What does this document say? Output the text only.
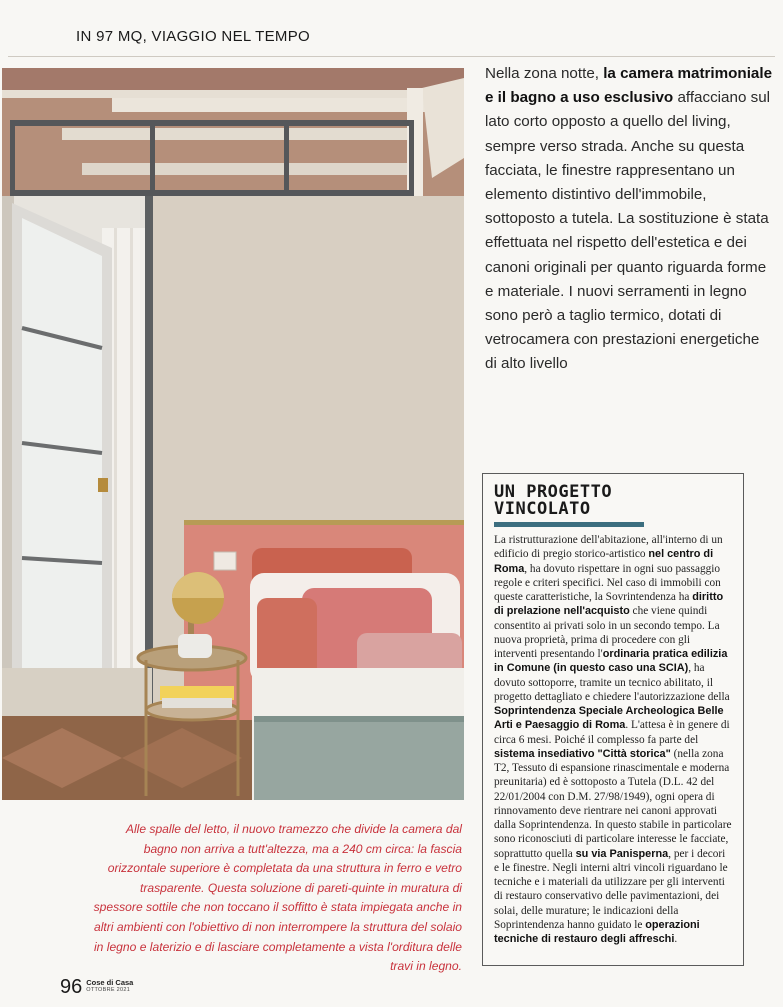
IN 97 MQ, VIAGGIO NEL TEMPO
Nella zona notte, la camera matrimoniale e il bagno a uso esclusivo affacciano sul lato corto opposto a quello del living, sempre verso strada. Anche su questa facciata, le finestre rappresentano un elemento distintivo dell'immobile, sottoposto a tutela. La sostituzione è stata effettuata nel rispetto dell'estetica e dei canoni originali per quanto riguarda forme e materiale. I nuovi serramenti in legno sono però a taglio termico, dotati di vetrocamera con prestazioni energetiche di alto livello
UN PROGETTO
VINCOLATO
La ristrutturazione dell'abitazione, all'interno di un edificio di pregio storico-artistico nel centro di Roma, ha dovuto rispettare in ogni suo passaggio regole e criteri specifici. Nel caso di immobili con queste caratteristiche, la Sovrintendenza ha diritto di prelazione nell'acquisto che viene quindi consentito ai privati solo in un secondo tempo. La nuova proprietà, prima di procedere con gli interventi presentando l'ordinaria pratica edilizia in Comune (in questo caso una SCIA), ha dovuto sottoporre, tramite un tecnico abilitato, il progetto dettagliato e chiedere l'autorizzazione della Soprintendenza Speciale Archeologica Belle Arti e Paesaggio di Roma. L'attesa è in genere di circa 6 mesi. Poiché il complesso fa parte del sistema insediativo "Città storica" (nella zona T2, Tessuto di espansione rinascimentale e moderna preunitaria) ed è sottoposto a Tutela (D.L. 42 del 22/01/2004 con D.M. 27/98/1949), ogni opera di rinnovamento deve rientrare nei canoni approvati dalla Soprintendenza. In questo stabile in particolare sono riconosciuti di particolare interesse le facciate, soprattutto quella su via Panisperna, per i decori e le finestre. Negli interni altri vincoli riguardano le tecniche e i materiali da utilizzare per gli interventi di restauro conservativo delle pavimentazioni, dei solai, delle murature; le indicazioni della Soprintendenza hanno guidato le operazioni tecniche di restauro degli affreschi.
Alle spalle del letto, il nuovo tramezzo che divide la camera dal bagno non arriva a tutt'altezza, ma a 240 cm circa: la fascia orizzontale superiore è completata da una struttura in ferro e vetro trasparente. Questa soluzione di pareti-quinte in muratura di spessore sottile che non toccano il soffitto è stata impiegata anche in altri ambienti con l'obiettivo di non interrompere la struttura del solaio in legno e laterizio e di lasciare completamente a vista l'orditura delle travi in legno.
96 Cose di Casa
OTTOBRE 2021
